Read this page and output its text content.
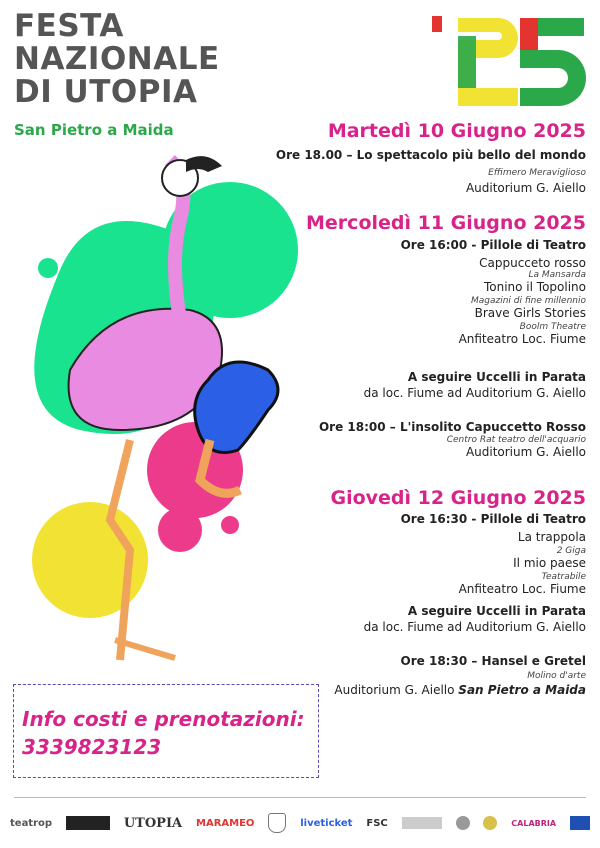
FESTA
NAZIONALE
DI UTOPIA
San Pietro a Maida	Martedì 10 Giugno 2025
Ore 18.00 – Lo spettacolo più bello del mondo
Effimero Meraviglioso
Auditorium G. Aiello
Mercoledì 11 Giugno 2025
Ore 16:00 - Pillole di Teatro
Cappucceto rosso
La Mansarda
Tonino il Topolino
Magazini di fine millennio
Brave Girls Stories
Boolm Theatre
Anfiteatro Loc. Fiume
A seguire Uccelli in Parata
da loc. Fiume ad Auditorium G. Aiello
Ore 18:00 – L'insolito Capuccetto Rosso
Centro Rat teatro dell'acquario
Auditorium G. Aiello
Giovedì 12 Giugno 2025
Ore 16:30 - Pillole di Teatro
La trappola
2 Giga
Il mio paese
Teatrabile
Anfiteatro Loc. Fiume
A seguire Uccelli in Parata
da loc. Fiume ad Auditorium G. Aiello
Ore 18:30 – Hansel e Gretel
Molino d'arte
Auditorium G. Aiello San Pietro a Maida
Info costi e prenotazioni:
3339823123
teatrop	UTOPIA MARAMEO	liveticket FSC	CALABRIA
